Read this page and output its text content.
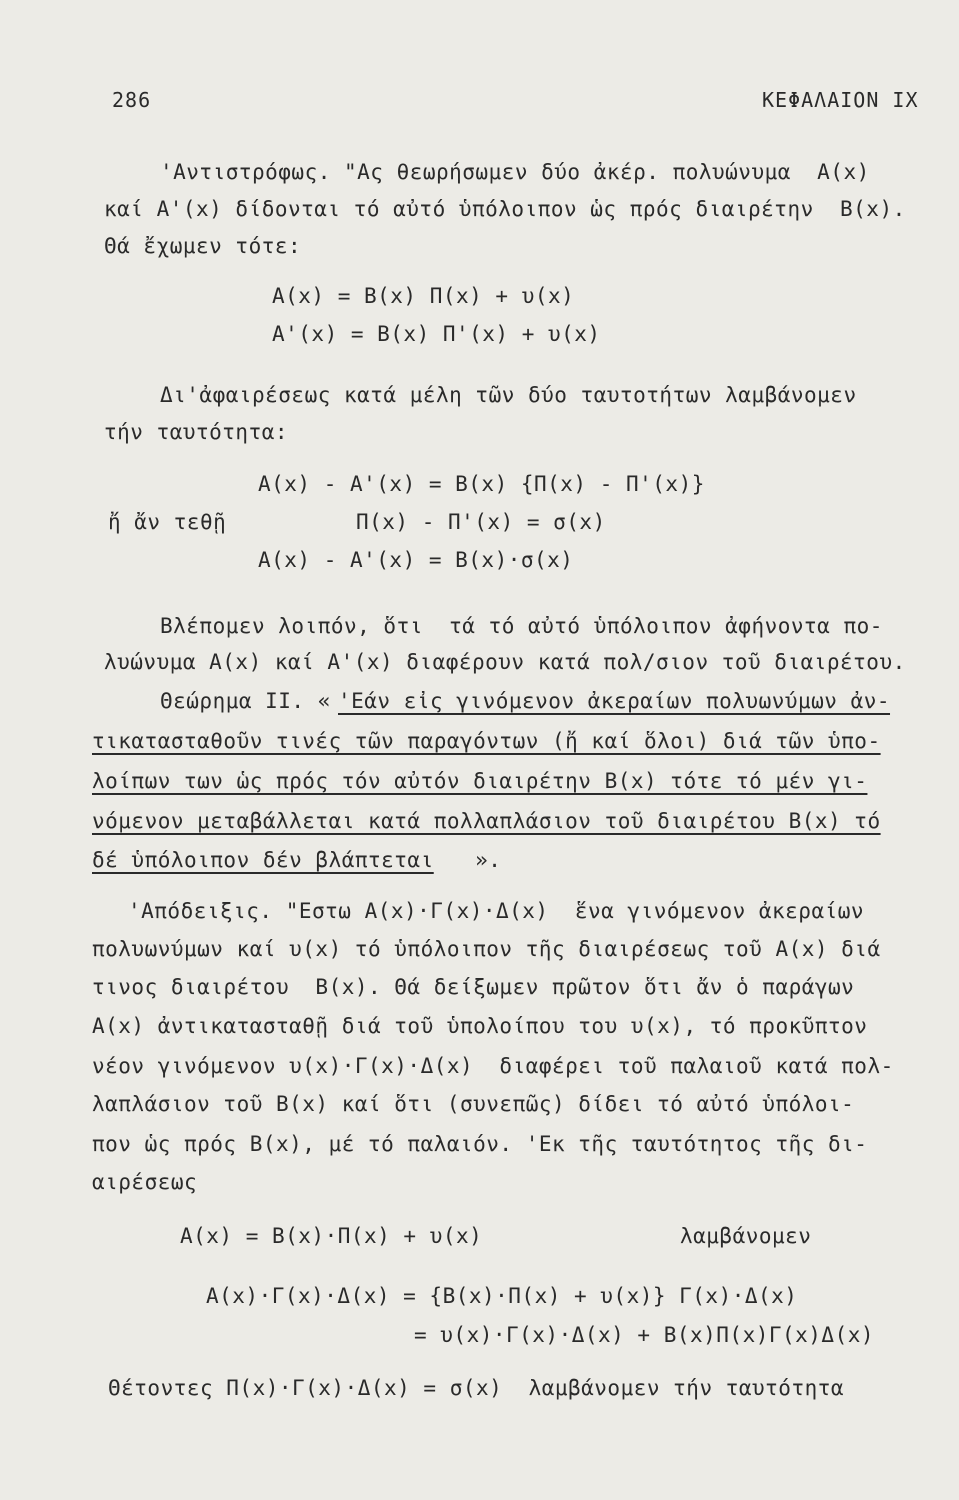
286	ΚΕΦΑΛΑΙΟΝ IX
'Αντιστρόφως. "Ας θεωρήσωμεν δύο ἀκέρ. πολυώνυμα  Α(x)
καί Α'(x) δίδονται τό αὐτό ὑπόλοιπον ὡς πρός διαιρέτην  Β(x).
Θά ἔχωμεν τότε:
Α(x) = Β(x) Π(x) + υ(x)
Α'(x) = Β(x) Π'(x) + υ(x)
Δι'ἀφαιρέσεως κατά μέλη τῶν δύο ταυτοτήτων λαμβάνομεν
τήν ταυτότητα:
Α(x) - Α'(x) = Β(x) {Π(x) - Π'(x)}
ἤ ἄν τεθῇ	Π(x) - Π'(x) = σ(x)
Α(x) - Α'(x) = Β(x)·σ(x)
Βλέπομεν λοιπόν, ὅτι  τά τό αὐτό ὑπόλοιπον ἀφήνοντα πο-
λυώνυμα Α(x) καί Α'(x) διαφέρουν κατά πολ/σιον τοῦ διαιρέτου.
Θεώρημα ΙΙ. « 'Εάν εἰς γινόμενον ἀκεραίων πολυωνύμων ἀν-
τικατασταθοῦν τινές τῶν παραγόντων (ἤ καί ὅλοι) διά τῶν ὑπο-
λοίπων των ὡς πρός τόν αὐτόν διαιρέτην Β(x) τότε τό μέν γι-
νόμενον μεταβάλλεται κατά πολλαπλάσιον τοῦ διαιρέτου Β(x) τό
δέ ὑπόλοιπον δέν βλάπτεται ».
'Απόδειξις. "Εστω Α(x)·Γ(x)·Δ(x)  ἕνα γινόμενον ἀκεραίων
πολυωνύμων καί υ(x) τό ὑπόλοιπον τῆς διαιρέσεως τοῦ Α(x) διά
τινος διαιρέτου  Β(x). Θά δείξωμεν πρῶτον ὅτι ἄν ὁ παράγων
Α(x) ἀντικατασταθῇ διά τοῦ ὑπολοίπου του υ(x), τό προκῦπτον
νέον γινόμενον υ(x)·Γ(x)·Δ(x)  διαφέρει τοῦ παλαιοῦ κατά πολ-
λαπλάσιον τοῦ Β(x) καί ὅτι (συνεπῶς) δίδει τό αὐτό ὑπόλοι-
πον ὡς πρός Β(x), μέ τό παλαιόν. 'Εκ τῆς ταυτότητος τῆς δι-
αιρέσεως
Α(x) = Β(x)·Π(x) + υ(x)	λαμβάνομεν
Α(x)·Γ(x)·Δ(x) = {Β(x)·Π(x) + υ(x)} Γ(x)·Δ(x)
= υ(x)·Γ(x)·Δ(x) + Β(x)Π(x)Γ(x)Δ(x)
Θέτοντες Π(x)·Γ(x)·Δ(x) = σ(x)  λαμβάνομεν τήν ταυτότητα
